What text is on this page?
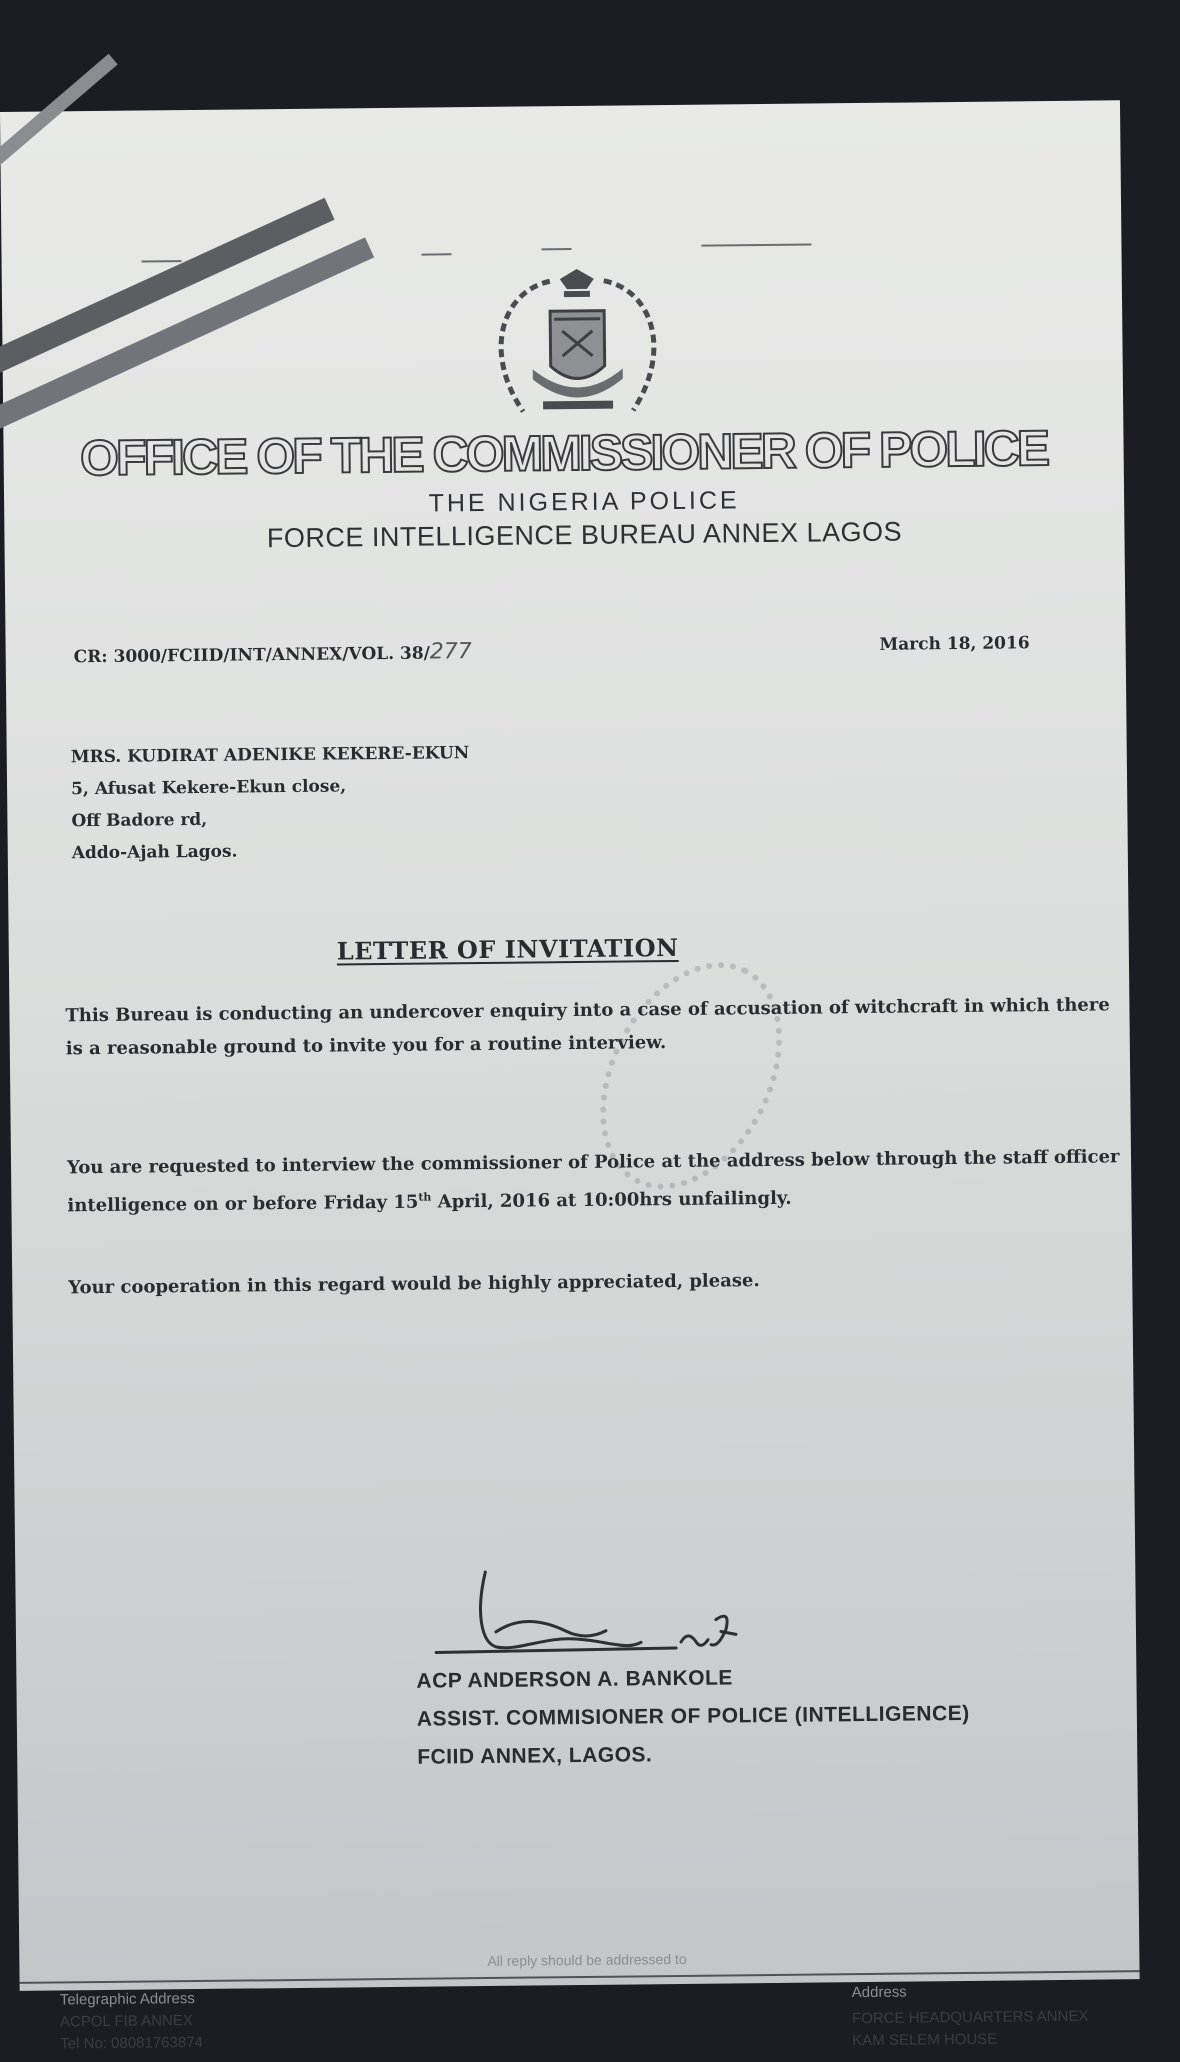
OFFICE OF THE COMMISSIONER OF POLICE
THE NIGERIA POLICE
FORCE INTELLIGENCE BUREAU ANNEX LAGOS
CR: 3000/FCIID/INT/ANNEX/VOL. 38/277	March 18, 2016
MRS. KUDIRAT ADENIKE KEKERE-EKUN
5, Afusat Kekere-Ekun close,
Off Badore rd,
Addo-Ajah Lagos.
LETTER OF INVITATION
This Bureau is conducting an undercover enquiry into a case of accusation of witchcraft in which there is a reasonable ground to invite you for a routine interview.
You are requested to interview the commissioner of Police at the address below through the staff officer intelligence on or before Friday 15th April, 2016 at 10:00hrs unfailingly.
Your cooperation in this regard would be highly appreciated, please.
ACP ANDERSON A. BANKOLE
ASSIST. COMMISIONER OF POLICE (INTELLIGENCE)
FCIID ANNEX, LAGOS.
All reply should be addressed to
Telegraphic Address
ACPOL FIB ANNEX
Tel No: 08081763874
Address
FORCE HEADQUARTERS ANNEX
KAM SELEM HOUSE
